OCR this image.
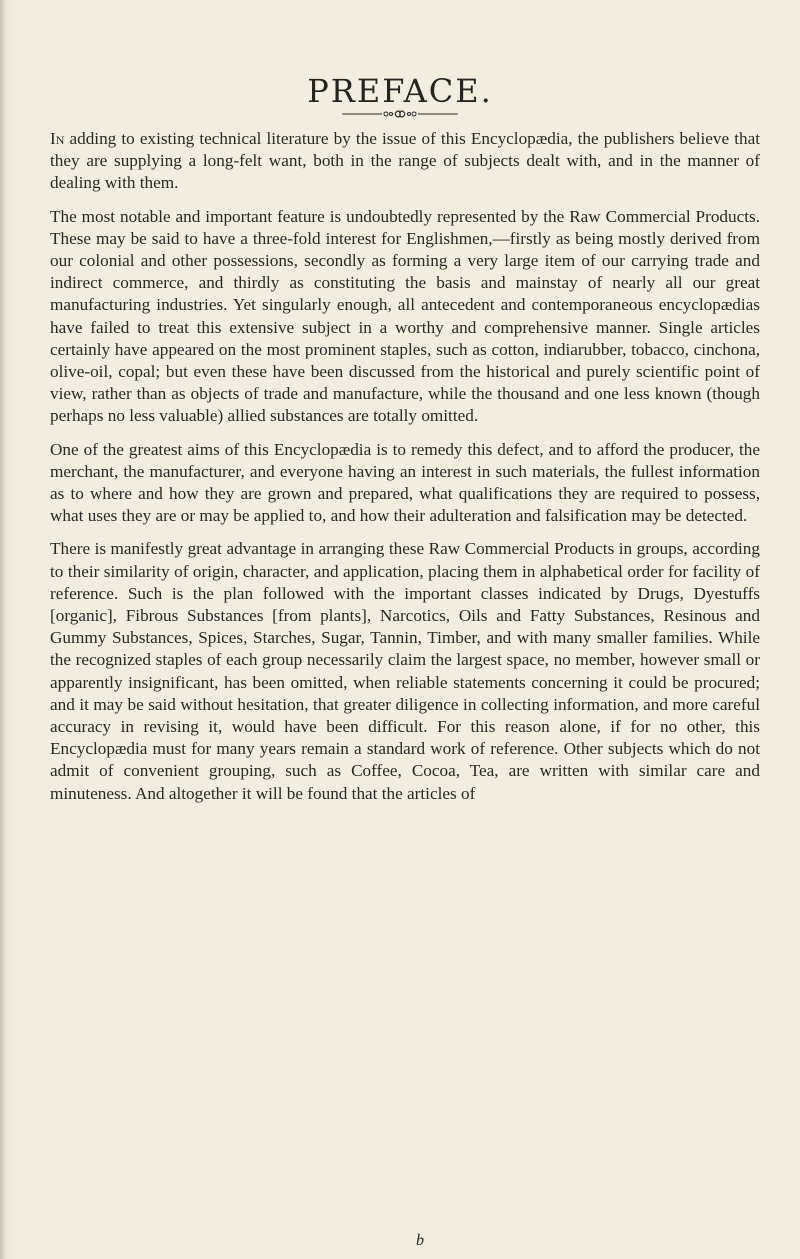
PREFACE.

In adding to existing technical literature by the issue of this Encyclopædia, the publishers believe that they are supplying a long-felt want, both in the range of subjects dealt with, and in the manner of dealing with them.

The most notable and important feature is undoubtedly represented by the Raw Commercial Products. These may be said to have a three-fold interest for Englishmen,—firstly as being mostly derived from our colonial and other possessions, secondly as forming a very large item of our carrying trade and indirect commerce, and thirdly as constituting the basis and mainstay of nearly all our great manufacturing industries. Yet singularly enough, all antecedent and contemporaneous encyclopædias have failed to treat this extensive subject in a worthy and comprehensive manner. Single articles certainly have appeared on the most prominent staples, such as cotton, indiarubber, tobacco, cinchona, olive-oil, copal; but even these have been discussed from the historical and purely scientific point of view, rather than as objects of trade and manufacture, while the thousand and one less known (though perhaps no less valuable) allied substances are totally omitted.

One of the greatest aims of this Encyclopædia is to remedy this defect, and to afford the producer, the merchant, the manufacturer, and everyone having an interest in such materials, the fullest information as to where and how they are grown and prepared, what qualifications they are required to possess, what uses they are or may be applied to, and how their adulteration and falsification may be detected.

There is manifestly great advantage in arranging these Raw Commercial Products in groups, according to their similarity of origin, character, and application, placing them in alphabetical order for facility of reference. Such is the plan followed with the important classes indicated by Drugs, Dyestuffs [organic], Fibrous Substances [from plants], Narcotics, Oils and Fatty Substances, Resinous and Gummy Substances, Spices, Starches, Sugar, Tannin, Timber, and with many smaller families. While the recognized staples of each group necessarily claim the largest space, no member, however small or apparently insignificant, has been omitted, when reliable statements concerning it could be procured; and it may be said without hesitation, that greater diligence in collecting information, and more careful accuracy in revising it, would have been difficult. For this reason alone, if for no other, this Encyclopædia must for many years remain a standard work of reference. Other subjects which do not admit of convenient grouping, such as Coffee, Cocoa, Tea, are written with similar care and minuteness. And altogether it will be found that the articles of

b
